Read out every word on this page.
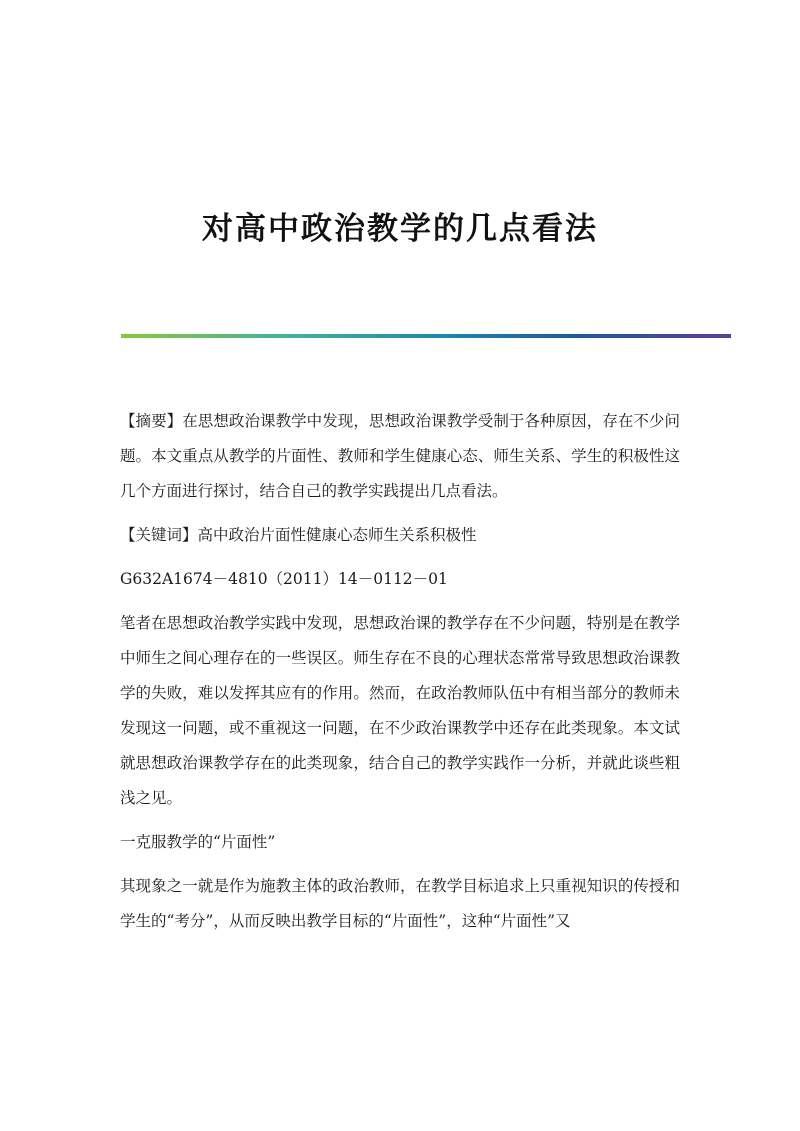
对高中政治教学的几点看法

【摘要】在思想政治课教学中发现，思想政治课教学受制于各种原因，存在不少问题。本文重点从教学的片面性、教师和学生健康心态、师生关系、学生的积极性这几个方面进行探讨，结合自己的教学实践提出几点看法。

【关键词】高中政治片面性健康心态师生关系积极性

G632A1674－4810（2011）14－0112－01

笔者在思想政治教学实践中发现，思想政治课的教学存在不少问题，特别是在教学中师生之间心理存在的一些误区。师生存在不良的心理状态常常导致思想政治课教学的失败，难以发挥其应有的作用。然而，在政治教师队伍中有相当部分的教师未发现这一问题，或不重视这一问题，在不少政治课教学中还存在此类现象。本文试就思想政治课教学存在的此类现象，结合自己的教学实践作一分析，并就此谈些粗浅之见。

一克服教学的“片面性”

其现象之一就是作为施教主体的政治教师，在教学目标追求上只重视知识的传授和学生的“考分”，从而反映出教学目标的“片面性”，这种“片面性”又
